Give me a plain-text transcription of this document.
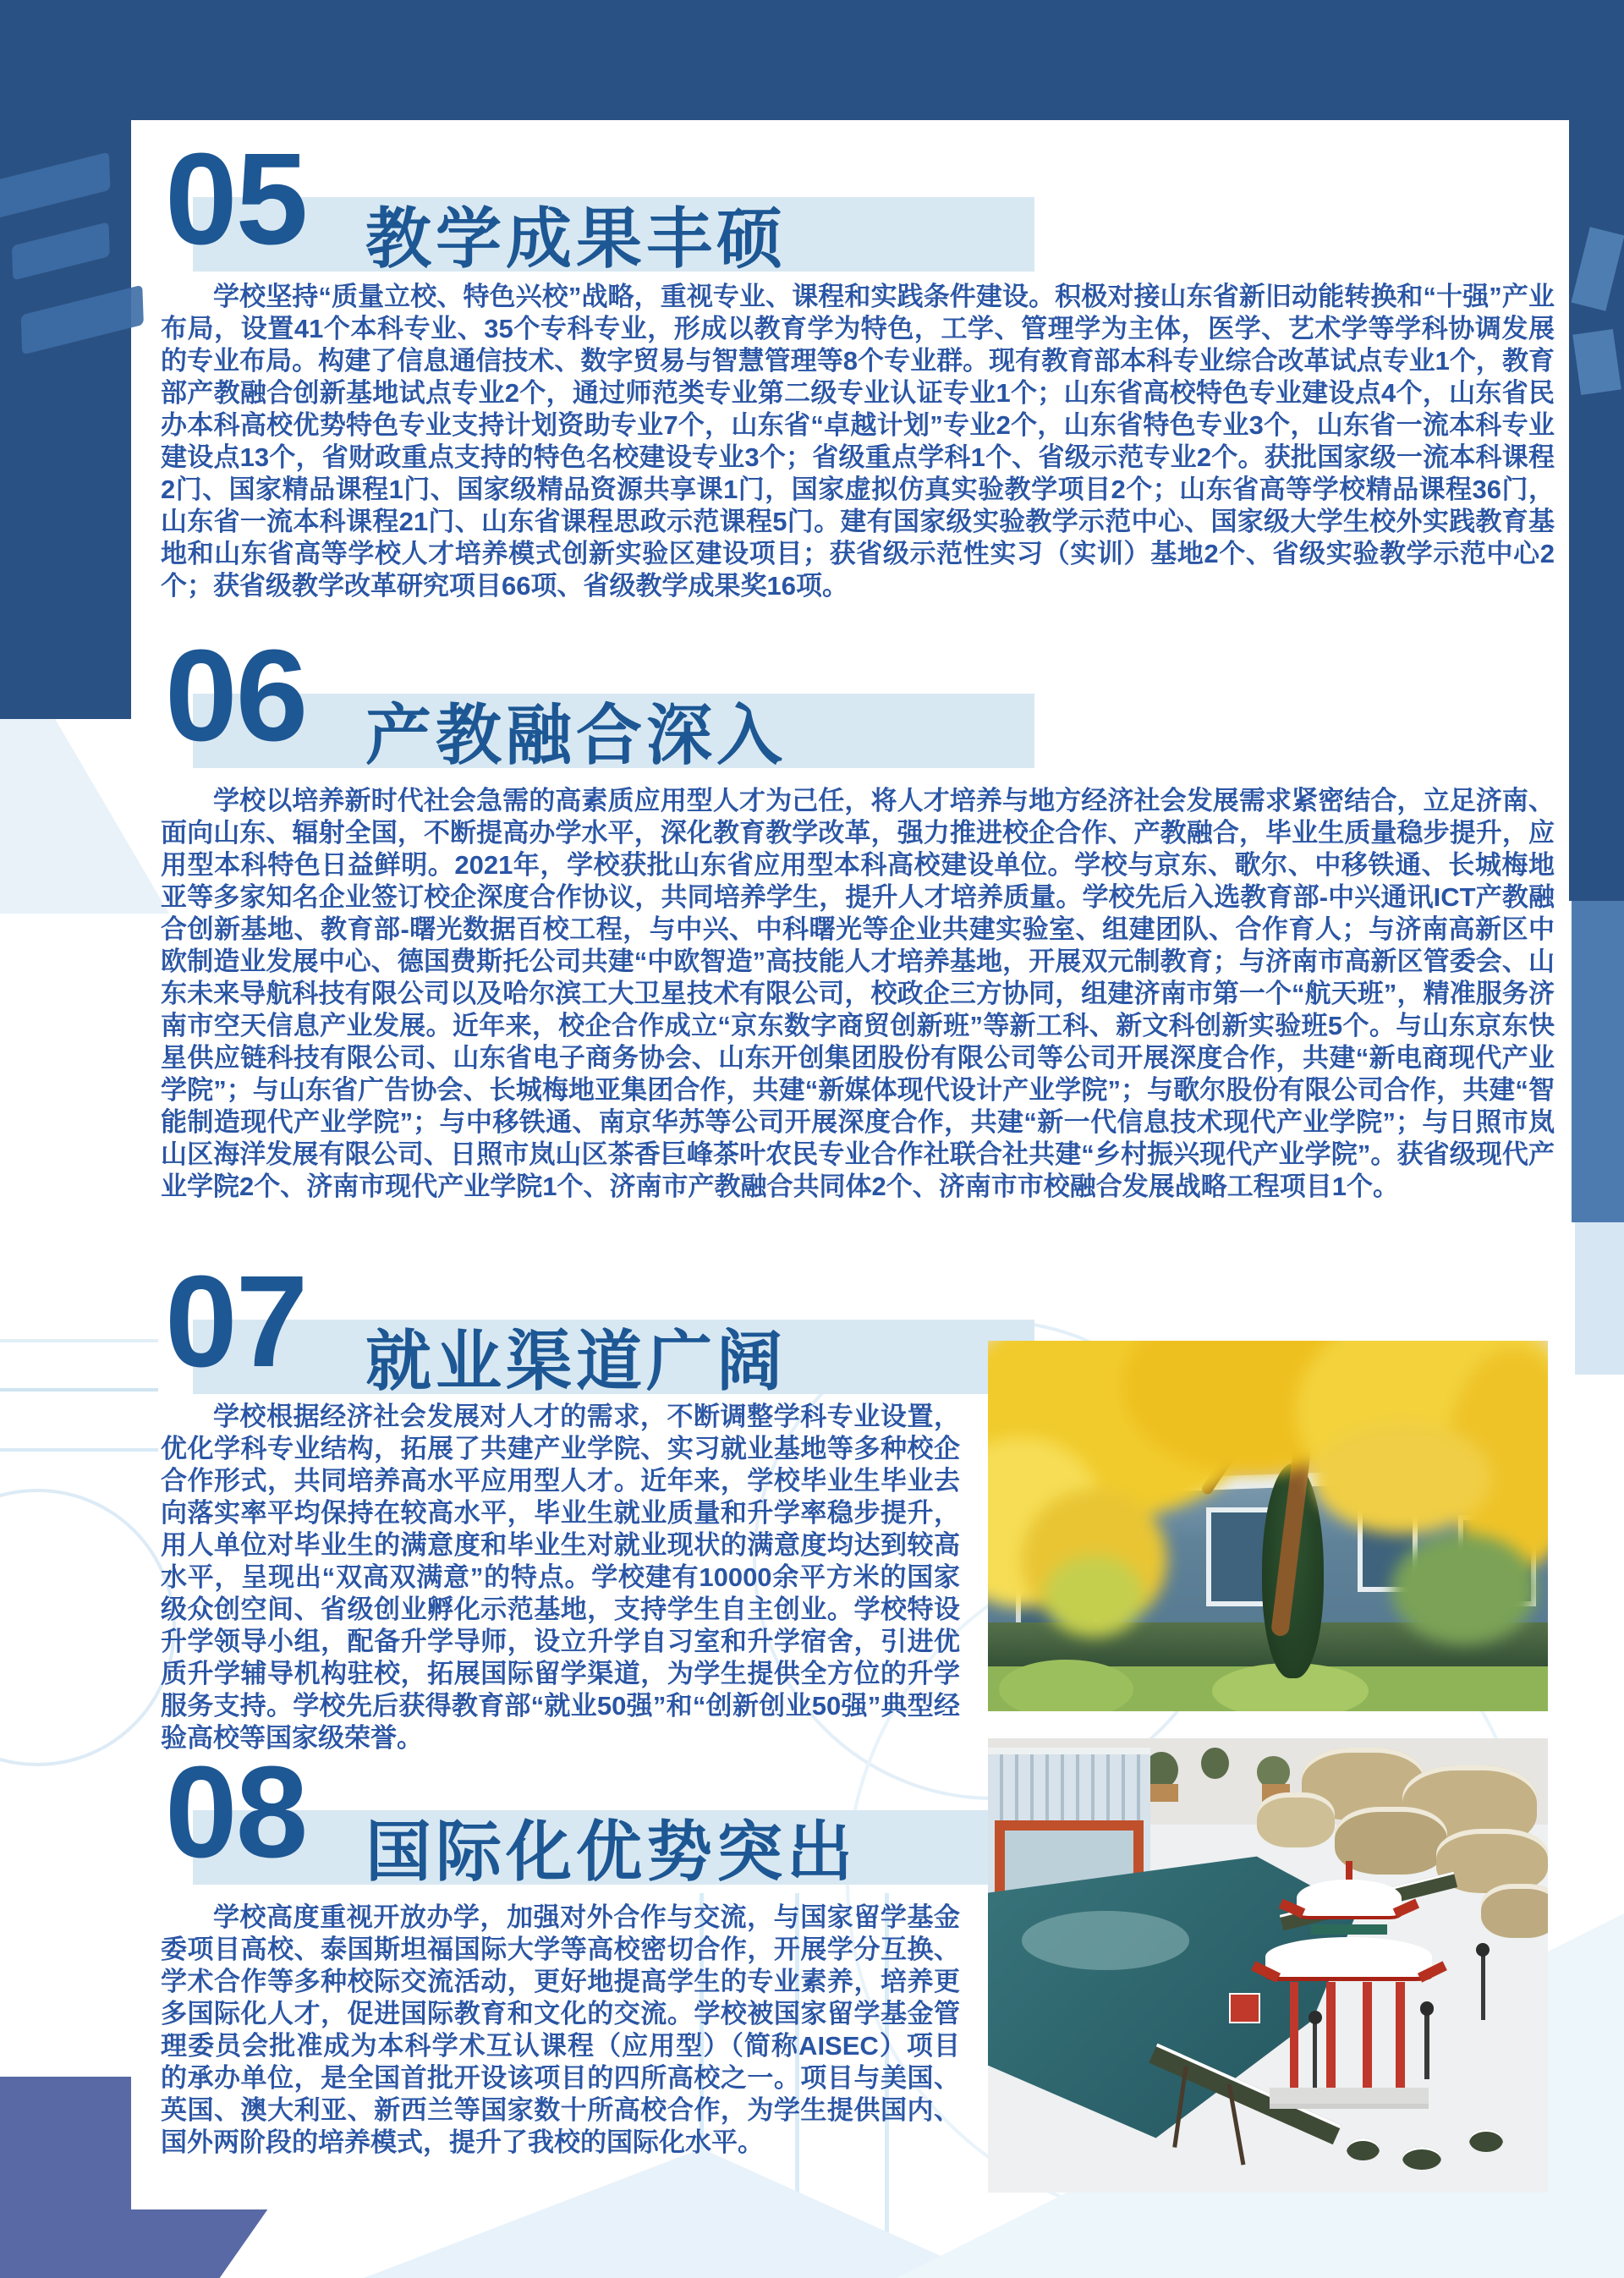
05 教学成果丰硕

学校坚持“质量立校、特色兴校”战略，重视专业、课程和实践条件建设。积极对接山东省新旧动能转换和“十强”产业布局，设置41个本科专业、35个专科专业，形成以教育学为特色，工学、管理学为主体，医学、艺术学等学科协调发展的专业布局。构建了信息通信技术、数字贸易与智慧管理等8个专业群。现有教育部本科专业综合改革试点专业1个，教育部产教融合创新基地试点专业2个，通过师范类专业第二级专业认证专业1个；山东省高校特色专业建设点4个，山东省民办本科高校优势特色专业支持计划资助专业7个，山东省“卓越计划”专业2个，山东省特色专业3个，山东省一流本科专业建设点13个，省财政重点支持的特色名校建设专业3个；省级重点学科1个、省级示范专业2个。获批国家级一流本科课程2门、国家精品课程1门、国家级精品资源共享课1门，国家虚拟仿真实验教学项目2个；山东省高等学校精品课程36门，山东省一流本科课程21门、山东省课程思政示范课程5门。建有国家级实验教学示范中心、国家级大学生校外实践教育基地和山东省高等学校人才培养模式创新实验区建设项目；获省级示范性实习（实训）基地2个、省级实验教学示范中心2个；获省级教学改革研究项目66项、省级教学成果奖16项。

06 产教融合深入

学校以培养新时代社会急需的高素质应用型人才为己任，将人才培养与地方经济社会发展需求紧密结合，立足济南、面向山东、辐射全国，不断提高办学水平，深化教育教学改革，强力推进校企合作、产教融合，毕业生质量稳步提升，应用型本科特色日益鲜明。2021年，学校获批山东省应用型本科高校建设单位。学校与京东、歌尔、中移铁通、长城梅地亚等多家知名企业签订校企深度合作协议，共同培养学生，提升人才培养质量。学校先后入选教育部-中兴通讯ICT产教融合创新基地、教育部-曙光数据百校工程，与中兴、中科曙光等企业共建实验室、组建团队、合作育人；与济南高新区中欧制造业发展中心、德国费斯托公司共建“中欧智造”高技能人才培养基地，开展双元制教育；与济南市高新区管委会、山东未来导航科技有限公司以及哈尔滨工大卫星技术有限公司，校政企三方协同，组建济南市第一个“航天班”，精准服务济南市空天信息产业发展。近年来，校企合作成立“京东数字商贸创新班”等新工科、新文科创新实验班5个。与山东京东快星供应链科技有限公司、山东省电子商务协会、山东开创集团股份有限公司等公司开展深度合作，共建“新电商现代产业学院”；与山东省广告协会、长城梅地亚集团合作，共建“新媒体现代设计产业学院”；与歌尔股份有限公司合作，共建“智能制造现代产业学院”；与中移铁通、南京华苏等公司开展深度合作，共建“新一代信息技术现代产业学院”；与日照市岚山区海洋发展有限公司、日照市岚山区茶香巨峰茶叶农民专业合作社联合社共建“乡村振兴现代产业学院”。获省级现代产业学院2个、济南市现代产业学院1个、济南市产教融合共同体2个、济南市市校融合发展战略工程项目1个。

07 就业渠道广阔

学校根据经济社会发展对人才的需求，不断调整学科专业设置，优化学科专业结构，拓展了共建产业学院、实习就业基地等多种校企合作形式，共同培养高水平应用型人才。近年来，学校毕业生毕业去向落实率平均保持在较高水平，毕业生就业质量和升学率稳步提升，用人单位对毕业生的满意度和毕业生对就业现状的满意度均达到较高水平，呈现出“双高双满意”的特点。学校建有10000余平方米的国家级众创空间、省级创业孵化示范基地，支持学生自主创业。学校特设升学领导小组，配备升学导师，设立升学自习室和升学宿舍，引进优质升学辅导机构驻校，拓展国际留学渠道，为学生提供全方位的升学服务支持。学校先后获得教育部“就业50强”和“创新创业50强”典型经验高校等国家级荣誉。

08 国际化优势突出

学校高度重视开放办学，加强对外合作与交流，与国家留学基金委项目高校、泰国斯坦福国际大学等高校密切合作，开展学分互换、学术合作等多种校际交流活动，更好地提高学生的专业素养，培养更多国际化人才，促进国际教育和文化的交流。学校被国家留学基金管理委员会批准成为本科学术互认课程（应用型）（简称AISEC）项目的承办单位，是全国首批开设该项目的四所高校之一。项目与美国、英国、澳大利亚、新西兰等国家数十所高校合作，为学生提供国内、国外两阶段的培养模式，提升了我校的国际化水平。
